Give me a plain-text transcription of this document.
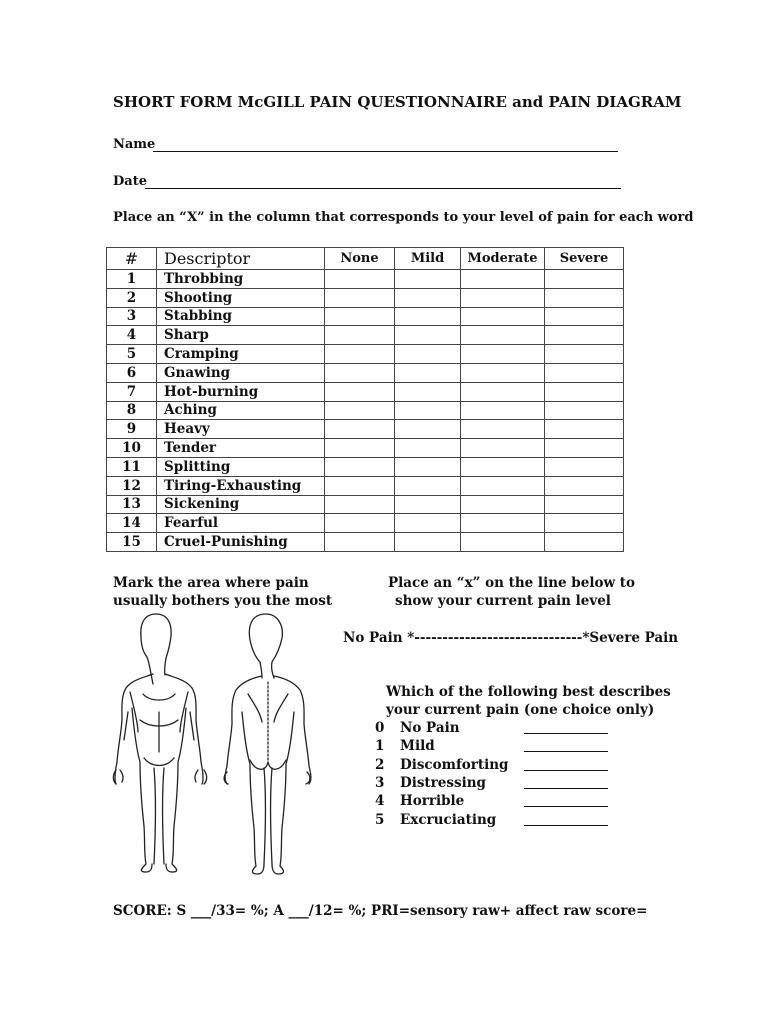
SHORT FORM McGILL PAIN QUESTIONNAIRE and PAIN DIAGRAM
Name
Date
Place an “X” in the column that corresponds to your level of pain for each word
#	Descriptor	None	Mild	Moderate	Severe
1	Throbbing				
2	Shooting				
3	Stabbing				
4	Sharp				
5	Cramping				
6	Gnawing				
7	Hot-burning				
8	Aching				
9	Heavy				
10	Tender				
11	Splitting				
12	Tiring-Exhausting				
13	Sickening				
14	Fearful				
15	Cruel-Punishing				
Mark the area where pain
usually bothers you the most
Place an “x” on the line below to
show your current pain level
No Pain *------------------------------*Severe Pain
Which of the following best describes
your current pain (one choice only)
0 No Pain
1 Mild
2 Discomforting
3 Distressing
4 Horrible
5 Excruciating
SCORE: S ___/33= %; A ___/12= %; PRI=sensory raw+ affect raw score=
